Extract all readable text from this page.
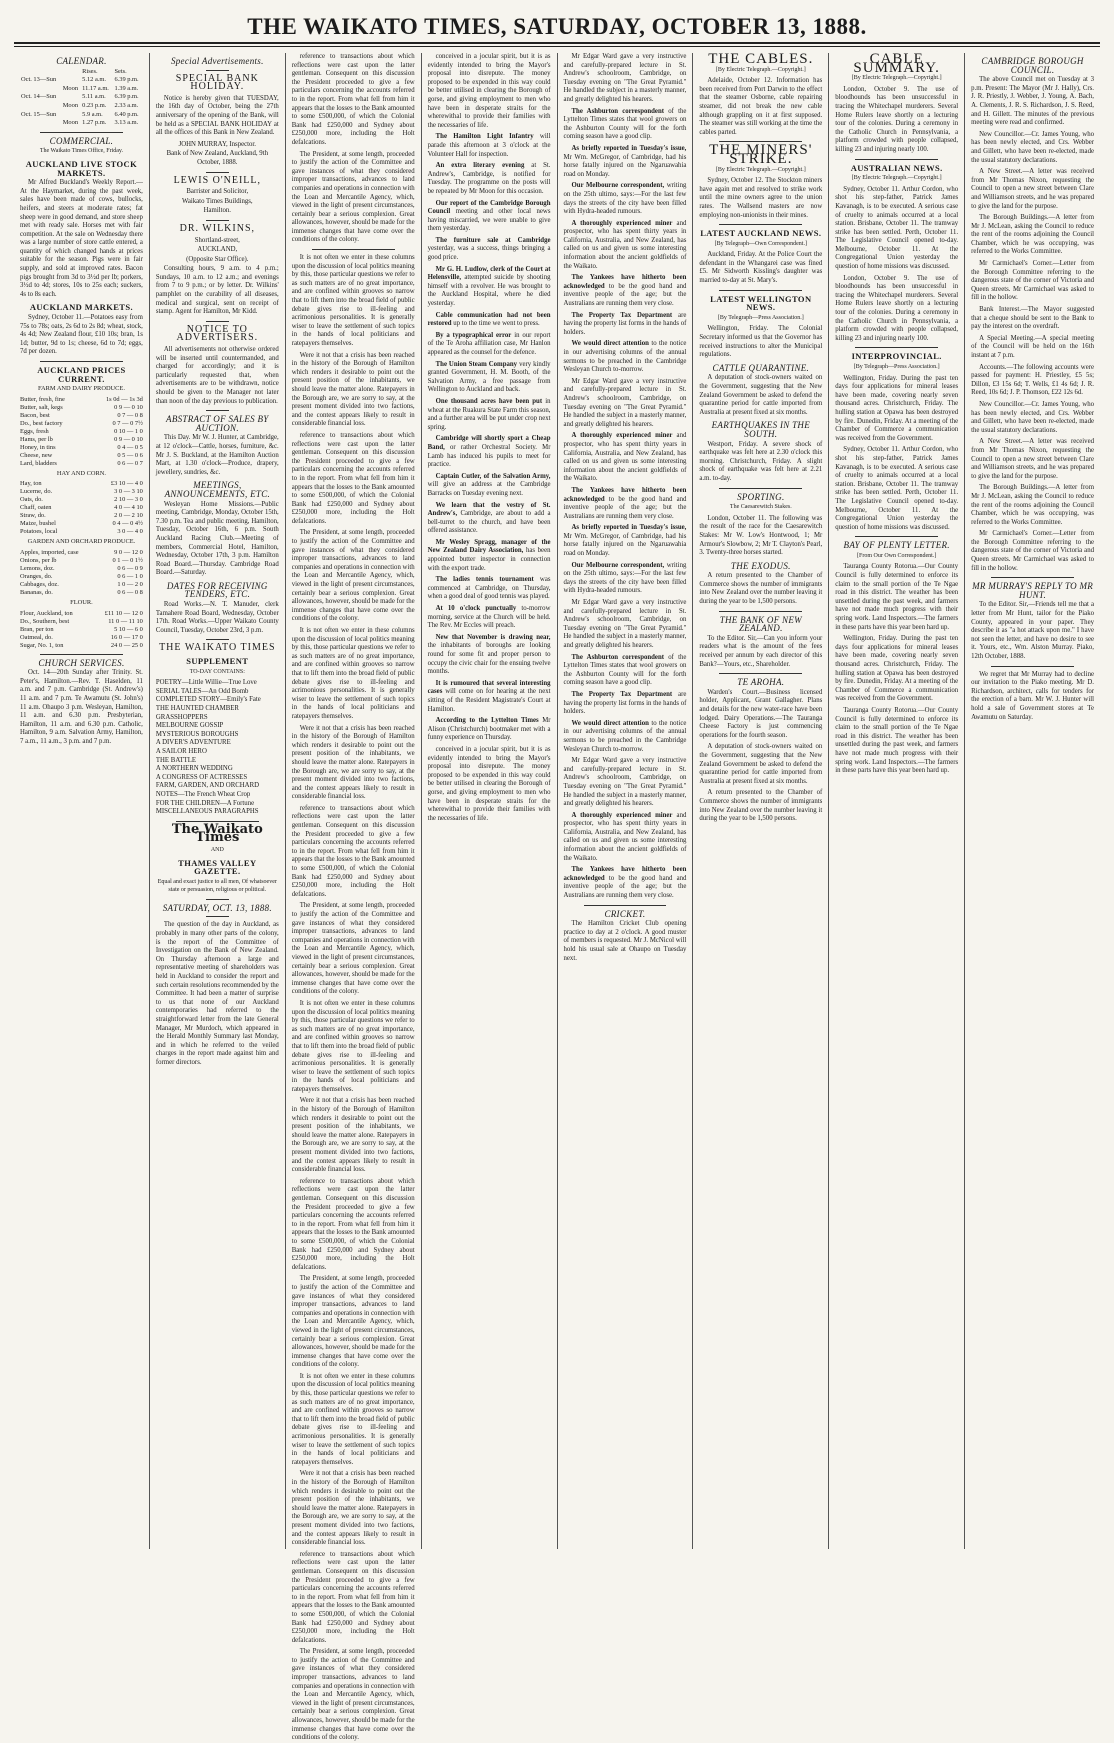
THE WAIKATO TIMES, SATURDAY, OCTOBER 13, 1888.
CALENDAR.
		Rises.	Sets.
Oct. 13—Sun		5.12 a.m.	6.39 p.m.
	Moon	11.17 a.m.	1.39 a.m.
Oct. 14—Sun		5.11 a.m.	6.39 p.m.
	Moon	0.23 p.m.	2.33 a.m.
Oct. 15—Sun		5.9 a.m.	6.40 p.m.
	Moon	1.27 p.m.	3.13 a.m.
COMMERCIAL.
The Waikato Times Office, Friday.
AUCKLAND LIVE STOCK MARKETS.

Mr Alfred Buckland's Weekly Report.—At the Haymarket, during the past week, sales have been made of cows, bullocks, heifers, and steers at moderate rates; fat sheep were in good demand, and store sheep met with ready sale. Horses met with fair competition. At the sale on Wednesday there was a large number of store cattle entered, a quantity of which changed hands at prices suitable for the season. Pigs were in fair supply, and sold at improved rates. Bacon pigs brought from 3d to 3½d per lb; porkers, 3½d to 4d; stores, 10s to 25s each; suckers, 4s to 8s each.

AUCKLAND MARKETS.

Sydney, October 11.—Potatoes easy from 75s to 78s; oats, 2s 6d to 2s 8d; wheat, stock, 4s 4d; New Zealand flour, £10 10s; bran, 1s 1d; butter, 9d to 1s; cheese, 6d to 7d; eggs, 7d per dozen.

AUCKLAND PRICES CURRENT.
FARM AND DAIRY PRODUCE.
Butter, fresh, fine	1s 0d — 1s 3d
Butter, salt, kegs	0 9 — 0 10
Bacon, best	0 7 — 0 8
Do., best factory	0 7 — 0 7½
Eggs, fresh	0 10 — 1 0
Hams, per lb	0 9 — 0 10
Honey, in tins	0 4 — 0 5
Cheese, new	0 5 — 0 6
Lard, bladders	0 6 — 0 7
HAY AND CORN.
Hay, ton	£3 10 — 4 0
Lucerne, do.	3 0 — 3 10
Oats, do.	2 10 — 3 0
Chaff, oaten	4 0 — 4 10
Straw, do.	2 0 — 2 10
Maize, bushel	0 4 — 0 4½
Potatoes, local	3 0 — 4 0
GARDEN AND ORCHARD PRODUCE.
Apples, imported, case	9 0 — 12 0
Onions, per lb	0 1 — 0 1½
Lemons, doz.	0 6 — 0 9
Oranges, do.	0 6 — 1 0
Cabbages, doz.	1 0 — 2 0
Bananas, do.	0 6 — 0 8
FLOUR.
Flour, Auckland, ton	£11 10 — 12 0
Do., Southern, best	11 0 — 11 10
Bran, per ton	5 10 — 6 0
Oatmeal, do.	16 0 — 17 0
Sugar, No. 1, ton	24 0 — 25 0
CHURCH SERVICES.

Oct. 14—20th Sunday after Trinity. St. Peter's, Hamilton.—Rev. T. Haselden, 11 a.m. and 7 p.m. Cambridge (St. Andrew's) 11 a.m. and 7 p.m. Te Awamutu (St. John's) 11 a.m. Ohaupo 3 p.m. Wesleyan, Hamilton, 11 a.m. and 6.30 p.m. Presbyterian, Hamilton, 11 a.m. and 6.30 p.m. Catholic, Hamilton, 9 a.m. Salvation Army, Hamilton, 7 a.m., 11 a.m., 3 p.m. and 7 p.m.

Special Advertisements.
SPECIAL BANK HOLIDAY.

Notice is hereby given that TUESDAY, the 16th day of October, being the 27th anniversary of the opening of the Bank, will be held as a SPECIAL BANK HOLIDAY at all the offices of this Bank in New Zealand.

JOHN MURRAY, Inspector.
Bank of New Zealand, Auckland, 9th October, 1888.
LEWIS O'NEILL,
Barrister and Solicitor,
Waikato Times Buildings,
Hamilton.
DR. WILKINS,
Shortland-street,
AUCKLAND,
(Opposite Star Office).

Consulting hours, 9 a.m. to 4 p.m.; Sundays, 10 a.m. to 12 a.m.; and evenings from 7 to 9 p.m.; or by letter. Dr. Wilkins' pamphlet on the curability of all diseases, medical and surgical, sent on receipt of stamp. Agent for Hamilton, Mr Kidd.

NOTICE TO ADVERTISERS.

All advertisements not otherwise ordered will be inserted until countermanded, and charged for accordingly; and it is particularly requested that, when advertisements are to be withdrawn, notice should be given to the Manager not later than noon of the day previous to publication.

ABSTRACT OF SALES BY AUCTION.

This Day. Mr W. J. Hunter, at Cambridge, at 12 o'clock—Cattle, horses, furniture, &c. Mr J. S. Buckland, at the Hamilton Auction Mart, at 1.30 o'clock—Produce, drapery, jewellery, sundries, &c.

MEETINGS, ANNOUNCEMENTS, ETC.

Wesleyan Home Missions.—Public meeting, Cambridge, Monday, October 15th, 7.30 p.m. Tea and public meeting, Hamilton, Tuesday, October 16th, 6 p.m. South Auckland Racing Club.—Meeting of members, Commercial Hotel, Hamilton, Wednesday, October 17th, 3 p.m. Hamilton Road Board.—Thursday. Cambridge Road Board.—Saturday.

DATES FOR RECEIVING TENDERS, ETC.

Road Works.—N. T. Manuder, clerk Tamahere Road Board, Wednesday, October 17th. Road Works.—Upper Waikato County Council, Tuesday, October 23rd, 3 p.m.

THE WAIKATO TIMES
SUPPLEMENT
TO-DAY CONTAINS:
POETRY—Little Willie—True Love
SERIAL TALES—An Odd Bomb
COMPLETED STORY—Emily's Fate
THE HAUNTED CHAMBER
GRASSHOPPERS
MELBOURNE GOSSIP
MYSTERIOUS BOROUGHS
A DIVER'S ADVENTURE
A SAILOR HERO
THE BATTLE
A NORTHERN WEDDING
A CONGRESS OF ACTRESSES
FARM, GARDEN, AND ORCHARD
NOTES—The French Wheat Crop
FOR THE CHILDREN—A Fortune
MISCELLANEOUS PARAGRAPHS
The Waikato Times
AND
THAMES VALLEY GAZETTE.
Equal and exact justice to all men, Of whatsoever state or persuasion, religious or political.
SATURDAY, OCT. 13, 1888.

The question of the day in Auckland, as probably in many other parts of the colony, is the report of the Committee of Investigation on the Bank of New Zealand. On Thursday afternoon a large and representative meeting of shareholders was held in Auckland to consider the report and such certain resolutions recommended by the Committee. It had been a matter of surprise to us that none of our Auckland contemporaries had referred to the straightforward letter from the late General Manager, Mr Murdoch, which appeared in the Herald Monthly Summary last Monday, and in which he referred to the veiled charges in the report made against him and former directors.

reference to transactions about which reflections were cast upon the latter gentleman. Consequent on this discussion the President proceeded to give a few particulars concerning the accounts referred to in the report. From what fell from him it appears that the losses to the Bank amounted to some £500,000, of which the Colonial Bank had £250,000 and Sydney about £250,000 more, including the Holt defalcations.

The President, at some length, proceeded to justify the action of the Committee and gave instances of what they considered improper transactions, advances to land companies and operations in connection with the Loan and Mercantile Agency, which, viewed in the light of present circumstances, certainly bear a serious complexion. Great allowances, however, should be made for the immense changes that have come over the conditions of the colony.

It is not often we enter in these columns upon the discussion of local politics meaning by this, those particular questions we refer to as such matters are of no great importance, and are confined within grooves so narrow that to lift them into the broad field of public debate gives rise to ill-feeling and acrimonious personalities. It is generally wiser to leave the settlement of such topics in the hands of local politicians and ratepayers themselves.

Were it not that a crisis has been reached in the history of the Borough of Hamilton which renders it desirable to point out the present position of the inhabitants, we should leave the matter alone. Ratepayers in the Borough are, we are sorry to say, at the present moment divided into two factions, and the contest appears likely to result in considerable financial loss.

reference to transactions about which reflections were cast upon the latter gentleman. Consequent on this discussion the President proceeded to give a few particulars concerning the accounts referred to in the report. From what fell from him it appears that the losses to the Bank amounted to some £500,000, of which the Colonial Bank had £250,000 and Sydney about £250,000 more, including the Holt defalcations.

The President, at some length, proceeded to justify the action of the Committee and gave instances of what they considered improper transactions, advances to land companies and operations in connection with the Loan and Mercantile Agency, which, viewed in the light of present circumstances, certainly bear a serious complexion. Great allowances, however, should be made for the immense changes that have come over the conditions of the colony.

It is not often we enter in these columns upon the discussion of local politics meaning by this, those particular questions we refer to as such matters are of no great importance, and are confined within grooves so narrow that to lift them into the broad field of public debate gives rise to ill-feeling and acrimonious personalities. It is generally wiser to leave the settlement of such topics in the hands of local politicians and ratepayers themselves.

Were it not that a crisis has been reached in the history of the Borough of Hamilton which renders it desirable to point out the present position of the inhabitants, we should leave the matter alone. Ratepayers in the Borough are, we are sorry to say, at the present moment divided into two factions, and the contest appears likely to result in considerable financial loss.

reference to transactions about which reflections were cast upon the latter gentleman. Consequent on this discussion the President proceeded to give a few particulars concerning the accounts referred to in the report. From what fell from him it appears that the losses to the Bank amounted to some £500,000, of which the Colonial Bank had £250,000 and Sydney about £250,000 more, including the Holt defalcations.

The President, at some length, proceeded to justify the action of the Committee and gave instances of what they considered improper transactions, advances to land companies and operations in connection with the Loan and Mercantile Agency, which, viewed in the light of present circumstances, certainly bear a serious complexion. Great allowances, however, should be made for the immense changes that have come over the conditions of the colony.

It is not often we enter in these columns upon the discussion of local politics meaning by this, those particular questions we refer to as such matters are of no great importance, and are confined within grooves so narrow that to lift them into the broad field of public debate gives rise to ill-feeling and acrimonious personalities. It is generally wiser to leave the settlement of such topics in the hands of local politicians and ratepayers themselves.

Were it not that a crisis has been reached in the history of the Borough of Hamilton which renders it desirable to point out the present position of the inhabitants, we should leave the matter alone. Ratepayers in the Borough are, we are sorry to say, at the present moment divided into two factions, and the contest appears likely to result in considerable financial loss.

reference to transactions about which reflections were cast upon the latter gentleman. Consequent on this discussion the President proceeded to give a few particulars concerning the accounts referred to in the report. From what fell from him it appears that the losses to the Bank amounted to some £500,000, of which the Colonial Bank had £250,000 and Sydney about £250,000 more, including the Holt defalcations.

The President, at some length, proceeded to justify the action of the Committee and gave instances of what they considered improper transactions, advances to land companies and operations in connection with the Loan and Mercantile Agency, which, viewed in the light of present circumstances, certainly bear a serious complexion. Great allowances, however, should be made for the immense changes that have come over the conditions of the colony.

It is not often we enter in these columns upon the discussion of local politics meaning by this, those particular questions we refer to as such matters are of no great importance, and are confined within grooves so narrow that to lift them into the broad field of public debate gives rise to ill-feeling and acrimonious personalities. It is generally wiser to leave the settlement of such topics in the hands of local politicians and ratepayers themselves.

Were it not that a crisis has been reached in the history of the Borough of Hamilton which renders it desirable to point out the present position of the inhabitants, we should leave the matter alone. Ratepayers in the Borough are, we are sorry to say, at the present moment divided into two factions, and the contest appears likely to result in considerable financial loss.

reference to transactions about which reflections were cast upon the latter gentleman. Consequent on this discussion the President proceeded to give a few particulars concerning the accounts referred to in the report. From what fell from him it appears that the losses to the Bank amounted to some £500,000, of which the Colonial Bank had £250,000 and Sydney about £250,000 more, including the Holt defalcations.

The President, at some length, proceeded to justify the action of the Committee and gave instances of what they considered improper transactions, advances to land companies and operations in connection with the Loan and Mercantile Agency, which, viewed in the light of present circumstances, certainly bear a serious complexion. Great allowances, however, should be made for the immense changes that have come over the conditions of the colony.

conceived in a jocular spirit, but it is as evidently intended to bring the Mayor's proposal into disrepute. The money proposed to be expended in this way could be better utilised in clearing the Borough of gorse, and giving employment to men who have been in desperate straits for the wherewithal to provide their families with the necessaries of life.

The Hamilton Light Infantry will parade this afternoon at 3 o'clock at the Volunteer Hall for inspection.

An extra literary evening at St. Andrew's, Cambridge, is notified for Tuesday. The programme on the posts will be repeated by Mr Moon for this occasion.

Our report of the Cambridge Borough Council meeting and other local news having miscarried, we were unable to give them yesterday.

The furniture sale at Cambridge yesterday, was a success, things bringing a good price.

Mr G. H. Ludlow, clerk of the Court at Helensville, attempted suicide by shooting himself with a revolver. He was brought to the Auckland Hospital, where he died yesterday.

Cable communication had not been restored up to the time we went to press.

By a typographical error in our report of the Te Aroha affiliation case, Mr Hanlon appeared as the counsel for the defence.

The Union Steam Company very kindly granted Government, H. M. Booth, of the Salvation Army, a free passage from Wellington to Auckland and back.

One thousand acres have been put in wheat at the Ruakura State Farm this season, and a further area will be put under crop next spring.

Cambridge will shortly sport a Cheap Band, or rather Orchestral Society. Mr Lamb has induced his pupils to meet for practice.

Captain Cutler, of the Salvation Army, will give an address at the Cambridge Barracks on Tuesday evening next.

We learn that the vestry of St. Andrew's, Cambridge, are about to add a bell-turret to the church, and have been offered assistance.

Mr Wesley Spragg, manager of the New Zealand Dairy Association, has been appointed butter inspector in connection with the export trade.

The ladies tennis tournament was commenced at Cambridge, on Thursday, when a good deal of good tennis was played.

At 10 o'clock punctually to-morrow morning, service at the Church will be held. The Rev. Mr Eccles will preach.

New that November is drawing near, the inhabitants of boroughs are looking round for some fit and proper person to occupy the civic chair for the ensuing twelve months.

It is rumoured that several interesting cases will come on for hearing at the next sitting of the Resident Magistrate's Court at Hamilton.

According to the Lyttelton Times Mr Alison (Christchurch) bootmaker met with a funny experience on Thursday.

conceived in a jocular spirit, but it is as evidently intended to bring the Mayor's proposal into disrepute. The money proposed to be expended in this way could be better utilised in clearing the Borough of gorse, and giving employment to men who have been in desperate straits for the wherewithal to provide their families with the necessaries of life.

Mr Edgar Ward gave a very instructive and carefully-prepared lecture in St. Andrew's schoolroom, Cambridge, on Tuesday evening on "The Great Pyramid." He handled the subject in a masterly manner, and greatly delighted his hearers.

The Ashburton correspondent of the Lyttelton Times states that wool growers on the Ashburton County will for the forth coming season have a good clip.

As briefly reported in Tuesday's issue, Mr Wm. McGregor, of Cambridge, had his horse fatally injured on the Ngaruawahia road on Monday.

Our Melbourne correspondent, writing on the 25th ultimo, says:—For the last few days the streets of the city have been filled with Hydra-headed rumours.

A thoroughly experienced miner and prospector, who has spent thirty years in California, Australia, and New Zealand, has called on us and given us some interesting information about the ancient goldfields of the Waikato.

The Yankees have hitherto been acknowledged to be the good hand and inventive people of the age; but the Australians are running them very close.

The Property Tax Department are having the property list forms in the hands of holders.

We would direct attention to the notice in our advertising columns of the annual sermons to be preached in the Cambridge Wesleyan Church to-morrow.

Mr Edgar Ward gave a very instructive and carefully-prepared lecture in St. Andrew's schoolroom, Cambridge, on Tuesday evening on "The Great Pyramid." He handled the subject in a masterly manner, and greatly delighted his hearers.

A thoroughly experienced miner and prospector, who has spent thirty years in California, Australia, and New Zealand, has called on us and given us some interesting information about the ancient goldfields of the Waikato.

The Yankees have hitherto been acknowledged to be the good hand and inventive people of the age; but the Australians are running them very close.

As briefly reported in Tuesday's issue, Mr Wm. McGregor, of Cambridge, had his horse fatally injured on the Ngaruawahia road on Monday.

Our Melbourne correspondent, writing on the 25th ultimo, says:—For the last few days the streets of the city have been filled with Hydra-headed rumours.

Mr Edgar Ward gave a very instructive and carefully-prepared lecture in St. Andrew's schoolroom, Cambridge, on Tuesday evening on "The Great Pyramid." He handled the subject in a masterly manner, and greatly delighted his hearers.

The Ashburton correspondent of the Lyttelton Times states that wool growers on the Ashburton County will for the forth coming season have a good clip.

The Property Tax Department are having the property list forms in the hands of holders.

We would direct attention to the notice in our advertising columns of the annual sermons to be preached in the Cambridge Wesleyan Church to-morrow.

Mr Edgar Ward gave a very instructive and carefully-prepared lecture in St. Andrew's schoolroom, Cambridge, on Tuesday evening on "The Great Pyramid." He handled the subject in a masterly manner, and greatly delighted his hearers.

A thoroughly experienced miner and prospector, who has spent thirty years in California, Australia, and New Zealand, has called on us and given us some interesting information about the ancient goldfields of the Waikato.

The Yankees have hitherto been acknowledged to be the good hand and inventive people of the age; but the Australians are running them very close.

CRICKET.

The Hamilton Cricket Club opening practice to day at 2 o'clock. A good muster of members is requested. Mr J. McNicol will hold his usual sale at Ohaupo on Tuesday next.

THE CABLES.
[By Electric Telegraph.—Copyright.]

Adelaide, October 12. Information has been received from Port Darwin to the effect that the steamer Osborne, cable repairing steamer, did not break the new cable although grappling on it at first supposed. The steamer was still working at the time the cables parted.

THE MINERS' STRIKE.
[By Electric Telegraph.—Copyright.]

Sydney, October 12. The Stockton miners have again met and resolved to strike work until the mine owners agree to the union rates. The Wallsend masters are now employing non-unionists in their mines.

LATEST AUCKLAND NEWS.
[By Telegraph—Own Correspondent.]

Auckland, Friday. At the Police Court the defendant in the Whangarei case was fined £5. Mr Sidworth Kissling's daughter was married to-day at St. Mary's.

LATEST WELLINGTON NEWS.
[By Telegraph—Press Association.]

Wellington, Friday. The Colonial Secretary informed us that the Governor has received instructions to alter the Municipal regulations.

CATTLE QUARANTINE.

A deputation of stock-owners waited on the Government, suggesting that the New Zealand Government be asked to defend the quarantine period for cattle imported from Australia at present fixed at six months.

EARTHQUAKES IN THE SOUTH.

Westport, Friday. A severe shock of earthquake was felt here at 2.30 o'clock this morning. Christchurch, Friday. A slight shock of earthquake was felt here at 2.21 a.m. to-day.

SPORTING.
The Caesarewitch Stakes.

London, October 11. The following was the result of the race for the Caesarewitch Stakes: Mr W. Low's Hontwood, 1; Mr Armour's Slowbow, 2; Mr T. Clayton's Pearl, 3. Twenty-three horses started.

THE EXODUS.

A return presented to the Chamber of Commerce shows the number of immigrants into New Zealand over the number leaving it during the year to be 1,500 persons.

THE BANK OF NEW ZEALAND.

To the Editor. Sir,—Can you inform your readers what is the amount of the fees received per annum by each director of this Bank?—Yours, etc., Shareholder.

TE AROHA.

Warden's Court.—Business licensed holder, Applicant, Grant Gallagher. Plans and details for the new water-race have been lodged. Dairy Operations.—The Tauranga Cheese Factory is just commencing operations for the fourth season.

A deputation of stock-owners waited on the Government, suggesting that the New Zealand Government be asked to defend the quarantine period for cattle imported from Australia at present fixed at six months.

A return presented to the Chamber of Commerce shows the number of immigrants into New Zealand over the number leaving it during the year to be 1,500 persons.

CABLE SUMMARY.
[By Electric Telegraph.—Copyright.]

London, October 9. The use of bloodhounds has been unsuccessful in tracing the Whitechapel murderers. Several Home Rulers leave shortly on a lecturing tour of the colonies. During a ceremony in the Catholic Church in Pennsylvania, a platform crowded with people collapsed, killing 23 and injuring nearly 100.

AUSTRALIAN NEWS.
[By Electric Telegraph.—Copyright.]

Sydney, October 11. Arthur Cordon, who shot his step-father, Patrick James Kavanagh, is to be executed. A serious case of cruelty to animals occurred at a local station. Brisbane, October 11. The tramway strike has been settled. Perth, October 11. The Legislative Council opened to-day. Melbourne, October 11. At the Congregational Union yesterday the question of home missions was discussed.

London, October 9. The use of bloodhounds has been unsuccessful in tracing the Whitechapel murderers. Several Home Rulers leave shortly on a lecturing tour of the colonies. During a ceremony in the Catholic Church in Pennsylvania, a platform crowded with people collapsed, killing 23 and injuring nearly 100.

INTERPROVINCIAL.
[By Telegraph—Press Association.]

Wellington, Friday. During the past ten days four applications for mineral leases have been made, covering nearly seven thousand acres. Christchurch, Friday. The hulling station at Opawa has been destroyed by fire. Dunedin, Friday. At a meeting of the Chamber of Commerce a communication was received from the Government.

Sydney, October 11. Arthur Cordon, who shot his step-father, Patrick James Kavanagh, is to be executed. A serious case of cruelty to animals occurred at a local station. Brisbane, October 11. The tramway strike has been settled. Perth, October 11. The Legislative Council opened to-day. Melbourne, October 11. At the Congregational Union yesterday the question of home missions was discussed.

BAY OF PLENTY LETTER.
[From Our Own Correspondent.]

Tauranga County Rotorua.—Our County Council is fully determined to enforce its claim to the small portion of the Te Ngae road in this district. The weather has been unsettled during the past week, and farmers have not made much progress with their spring work. Land Inspectors.—The farmers in these parts have this year been hard up.

Wellington, Friday. During the past ten days four applications for mineral leases have been made, covering nearly seven thousand acres. Christchurch, Friday. The hulling station at Opawa has been destroyed by fire. Dunedin, Friday. At a meeting of the Chamber of Commerce a communication was received from the Government.

Tauranga County Rotorua.—Our County Council is fully determined to enforce its claim to the small portion of the Te Ngae road in this district. The weather has been unsettled during the past week, and farmers have not made much progress with their spring work. Land Inspectors.—The farmers in these parts have this year been hard up.

CAMBRIDGE BOROUGH COUNCIL.

The above Council met on Tuesday at 3 p.m. Present: The Mayor (Mr J. Hally), Crs. J. R. Priestly, J. Webber, J. Young, A. Bach, A. Clements, J. R. S. Richardson, J. S. Reed, and H. Gillett. The minutes of the previous meeting were read and confirmed.

New Councillor.—Cr. James Young, who has been newly elected, and Crs. Webber and Gillett, who have been re-elected, made the usual statutory declarations.

A New Street.—A letter was received from Mr Thomas Nixon, requesting the Council to open a new street between Clare and Williamson streets, and he was prepared to give the land for the purpose.

The Borough Buildings.—A letter from Mr J. McLean, asking the Council to reduce the rent of the rooms adjoining the Council Chamber, which he was occupying, was referred to the Works Committee.

Mr Carmichael's Corner.—Letter from the Borough Committee referring to the dangerous state of the corner of Victoria and Queen streets. Mr Carmichael was asked to fill in the hollow.

Bank Interest.—The Mayor suggested that a cheque should be sent to the Bank to pay the interest on the overdraft.

A Special Meeting.—A special meeting of the Council will be held on the 16th instant at 7 p.m.

Accounts.—The following accounts were passed for payment: H. Priestley, £5 5s; Dillon, £3 15s 6d; T. Wells, £1 4s 6d; J. R. Reed, 10s 6d; J. P. Thomson, £22 12s 6d.

New Councillor.—Cr. James Young, who has been newly elected, and Crs. Webber and Gillett, who have been re-elected, made the usual statutory declarations.

A New Street.—A letter was received from Mr Thomas Nixon, requesting the Council to open a new street between Clare and Williamson streets, and he was prepared to give the land for the purpose.

The Borough Buildings.—A letter from Mr J. McLean, asking the Council to reduce the rent of the rooms adjoining the Council Chamber, which he was occupying, was referred to the Works Committee.

Mr Carmichael's Corner.—Letter from the Borough Committee referring to the dangerous state of the corner of Victoria and Queen streets. Mr Carmichael was asked to fill in the hollow.

MR MURRAY'S REPLY TO MR HUNT.

To the Editor. Sir,—Friends tell me that a letter from Mr Hunt, tailor for the Piako County, appeared in your paper. They describe it as "a hot attack upon me." I have not seen the letter, and have no desire to see it. Yours, etc., Wm. Alston Murray. Piako, 12th October, 1888.

We regret that Mr Murray had to decline our invitation to the Piako meeting. Mr D. Richardson, architect, calls for tenders for the erection of a barn. Mr W. J. Hunter will hold a sale of Government stores at Te Awamutu on Saturday.
